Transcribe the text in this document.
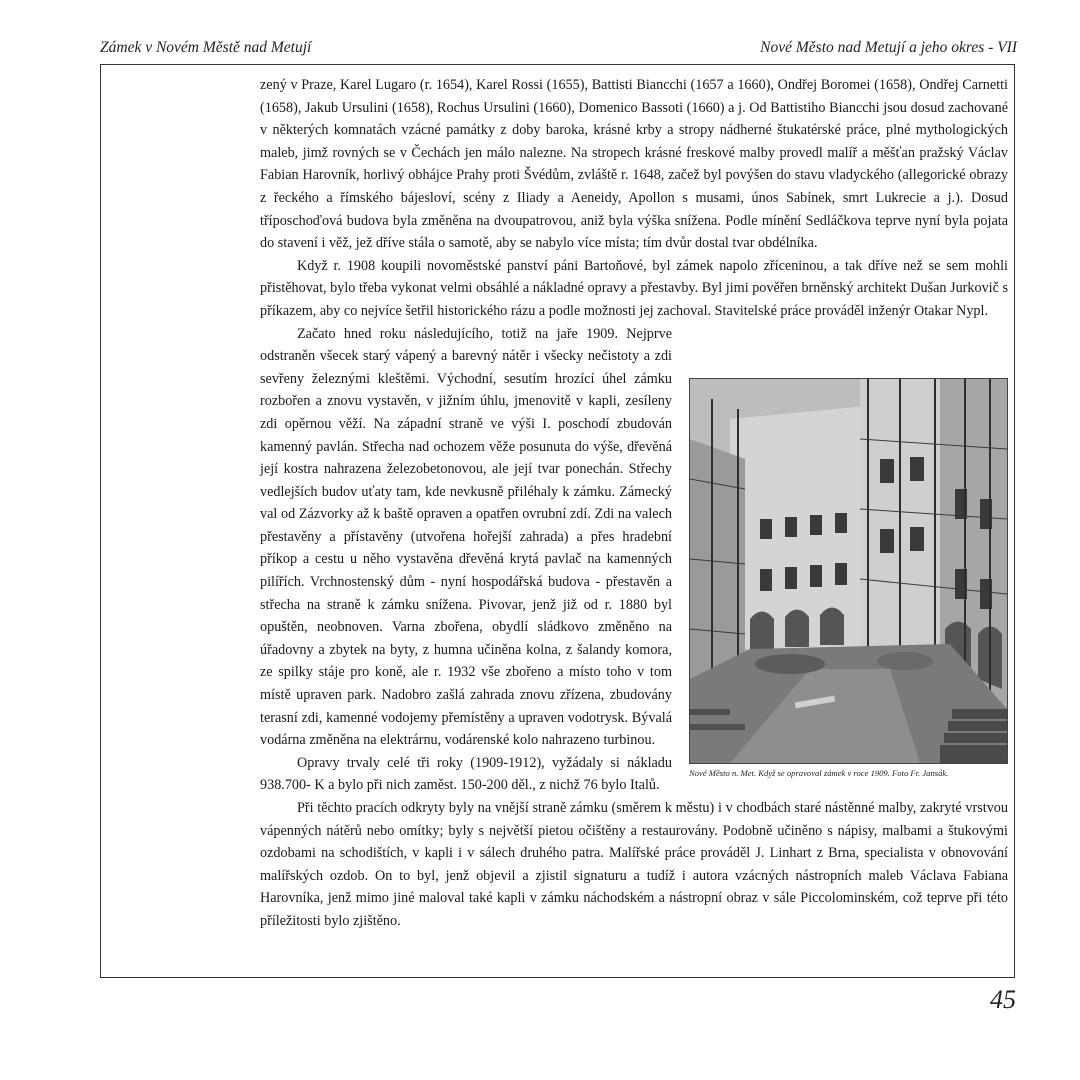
Zámek v Novém Městě nad Metují	Nové Město nad Metují a jeho okres - VII

zený v Praze, Karel Lugaro (r. 1654), Karel Rossi (1655), Battisti Biancchi (1657 a 1660), Ondřej Boromei (1658), Ondřej Carnetti (1658), Jakub Ursulini (1658), Rochus Ursulini (1660), Domenico Bassoti (1660) a j. Od Battistiho Biancchi jsou dosud zachované v některých komnatách vzácné památky z doby baroka, krásné krby a stropy nádherné štukatérské práce, plné mythologických maleb, jimž rovných se v Čechách jen málo nalezne. Na stropech krásné freskové malby provedl malíř a měšťan pražský Václav Fabian Harovník, horlivý obhájce Prahy proti Švédům, zvláště r. 1648, začež byl povýšen do stavu vladyckého (allegorické obrazy z řeckého a římského bájesloví, scény z Iliady a Aeneidy, Apollon s musami, únos Sabínek, smrt Lukrecie a j.). Dosud tříposchoďová budova byla změněna na dvoupatrovou, aniž byla výška snížena. Podle mínění Sedláčkova teprve nyní byla pojata do stavení i věž, jež dříve stála o samotě, aby se nabylo více místa; tím dvůr dostal tvar obdélníka.

Když r. 1908 koupili novoměstské panství páni Bartoňové, byl zámek napolo zříceninou, a tak dříve než se sem mohli přistěhovat, bylo třeba vykonat velmi obsáhlé a nákladné opravy a přestavby. Byl jimi pověřen brněnský architekt Dušan Jurkovič s příkazem, aby co nejvíce šetřil historického rázu a podle možnosti jej zachoval. Stavitelské práce prováděl inženýr Otakar Nypl.

Začato hned roku následujícího, totiž na jaře 1909. Nejprve odstraněn všecek starý vápený a barevný nátěr i všecky nečistoty a zdi sevřeny železnými kleštěmi. Východní, sesutím hrozící úhel zámku rozbořen a znovu vystavěn, v jižním úhlu, jmenovitě v kapli, zesíleny zdi opěrnou věží. Na západní straně ve výši I. poschodí zbudován kamenný pavlán. Střecha nad ochozem věže posunuta do výše, dřevěná její kostra nahrazena železobetonovou, ale její tvar ponechán. Střechy vedlejších budov uťaty tam, kde nevkusně přiléhaly k zámku. Zámecký val od Zázvorky až k baště opraven a opatřen ovrubní zdí. Zdi na valech přestavěny a přístavěny (utvořena hořejší zahrada) a přes hradební příkop a cestu u něho vystavěna dřevěná krytá pavlač na kamenných pilířích. Vrchnostenský dům - nyní hospodářská budova - přestavěn a střecha na straně k zámku snížena. Pivovar, jenž již od r. 1880 byl opuštěn, neobnoven. Varna zbořena, obydlí sládkovo změněno na úřadovny a zbytek na byty, z humna učiněna kolna, z šalandy komora, ze spilky stáje pro koně, ale r. 1932 vše zbořeno a místo toho v tom místě upraven park. Nadobro zašlá zahrada znovu zřízena, zbudovány terasní zdi, kamenné vodojemy přemístěny a upraven vodotrysk. Bývalá vodárna změněna na elektrárnu, vodárenské kolo nahrazeno turbinou.

Opravy trvaly celé tři roky (1909-1912), vyžádaly si nákladu 938.700- K a bylo při nich zaměst. 150-200 děl., z nichž 76 bylo Italů.

Při těchto pracích odkryty byly na vnější straně zámku (směrem k městu) i v chodbách staré nástěnné malby, zakryté vrstvou vápenných nátěrů nebo omítky; byly s největší pietou očištěny a restaurovány. Podobně učiněno s nápisy, malbami a štukovými ozdobami na schodištích, v kapli i v sálech druhého patra. Malířské práce prováděl J. Linhart z Brna, specialista v obnovování malířských ozdob. On to byl, jenž objevil a zjistil signaturu a tudíž i autora vzácných nástropních maleb Václava Fabiana Harovníka, jenž mimo jiné maloval také kapli v zámku náchodském a nástropní obraz v sále Piccolominském, což teprve při této příležitosti bylo zjištěno.

Nové Město n. Met. Když se opravoval zámek v roce 1909. Foto Fr. Jansák.
45
